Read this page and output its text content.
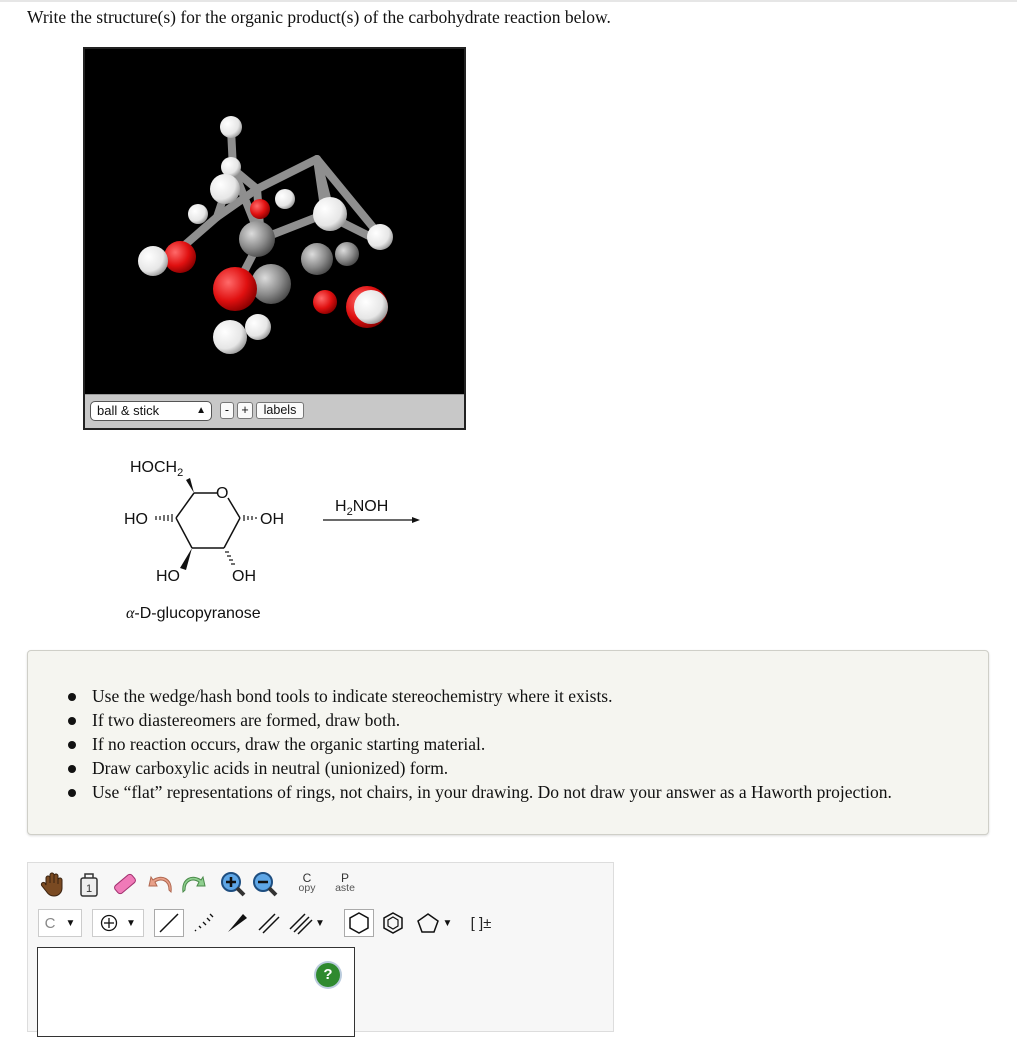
Write the structure(s) for the organic product(s) of the carbohydrate reaction below.
ball & stick	▲	- +	labels
$HOCH_2$
O
HO	OH
HO	OH
α-D-glucopyranose
$H_2NOH$
Use the wedge/hash bond tools to indicate stereochemistry where it exists.
If two diastereomers are formed, draw both.
If no reaction occurs, draw the organic starting material.
Draw carboxylic acids in neutral (unionized) form.
Use “flat” representations of rings, not chairs, in your drawing. Do not draw your answer as a Haworth projection.
1
C
opy
P
aste
C ▼	▼	▼	▼ [ ]±
?
